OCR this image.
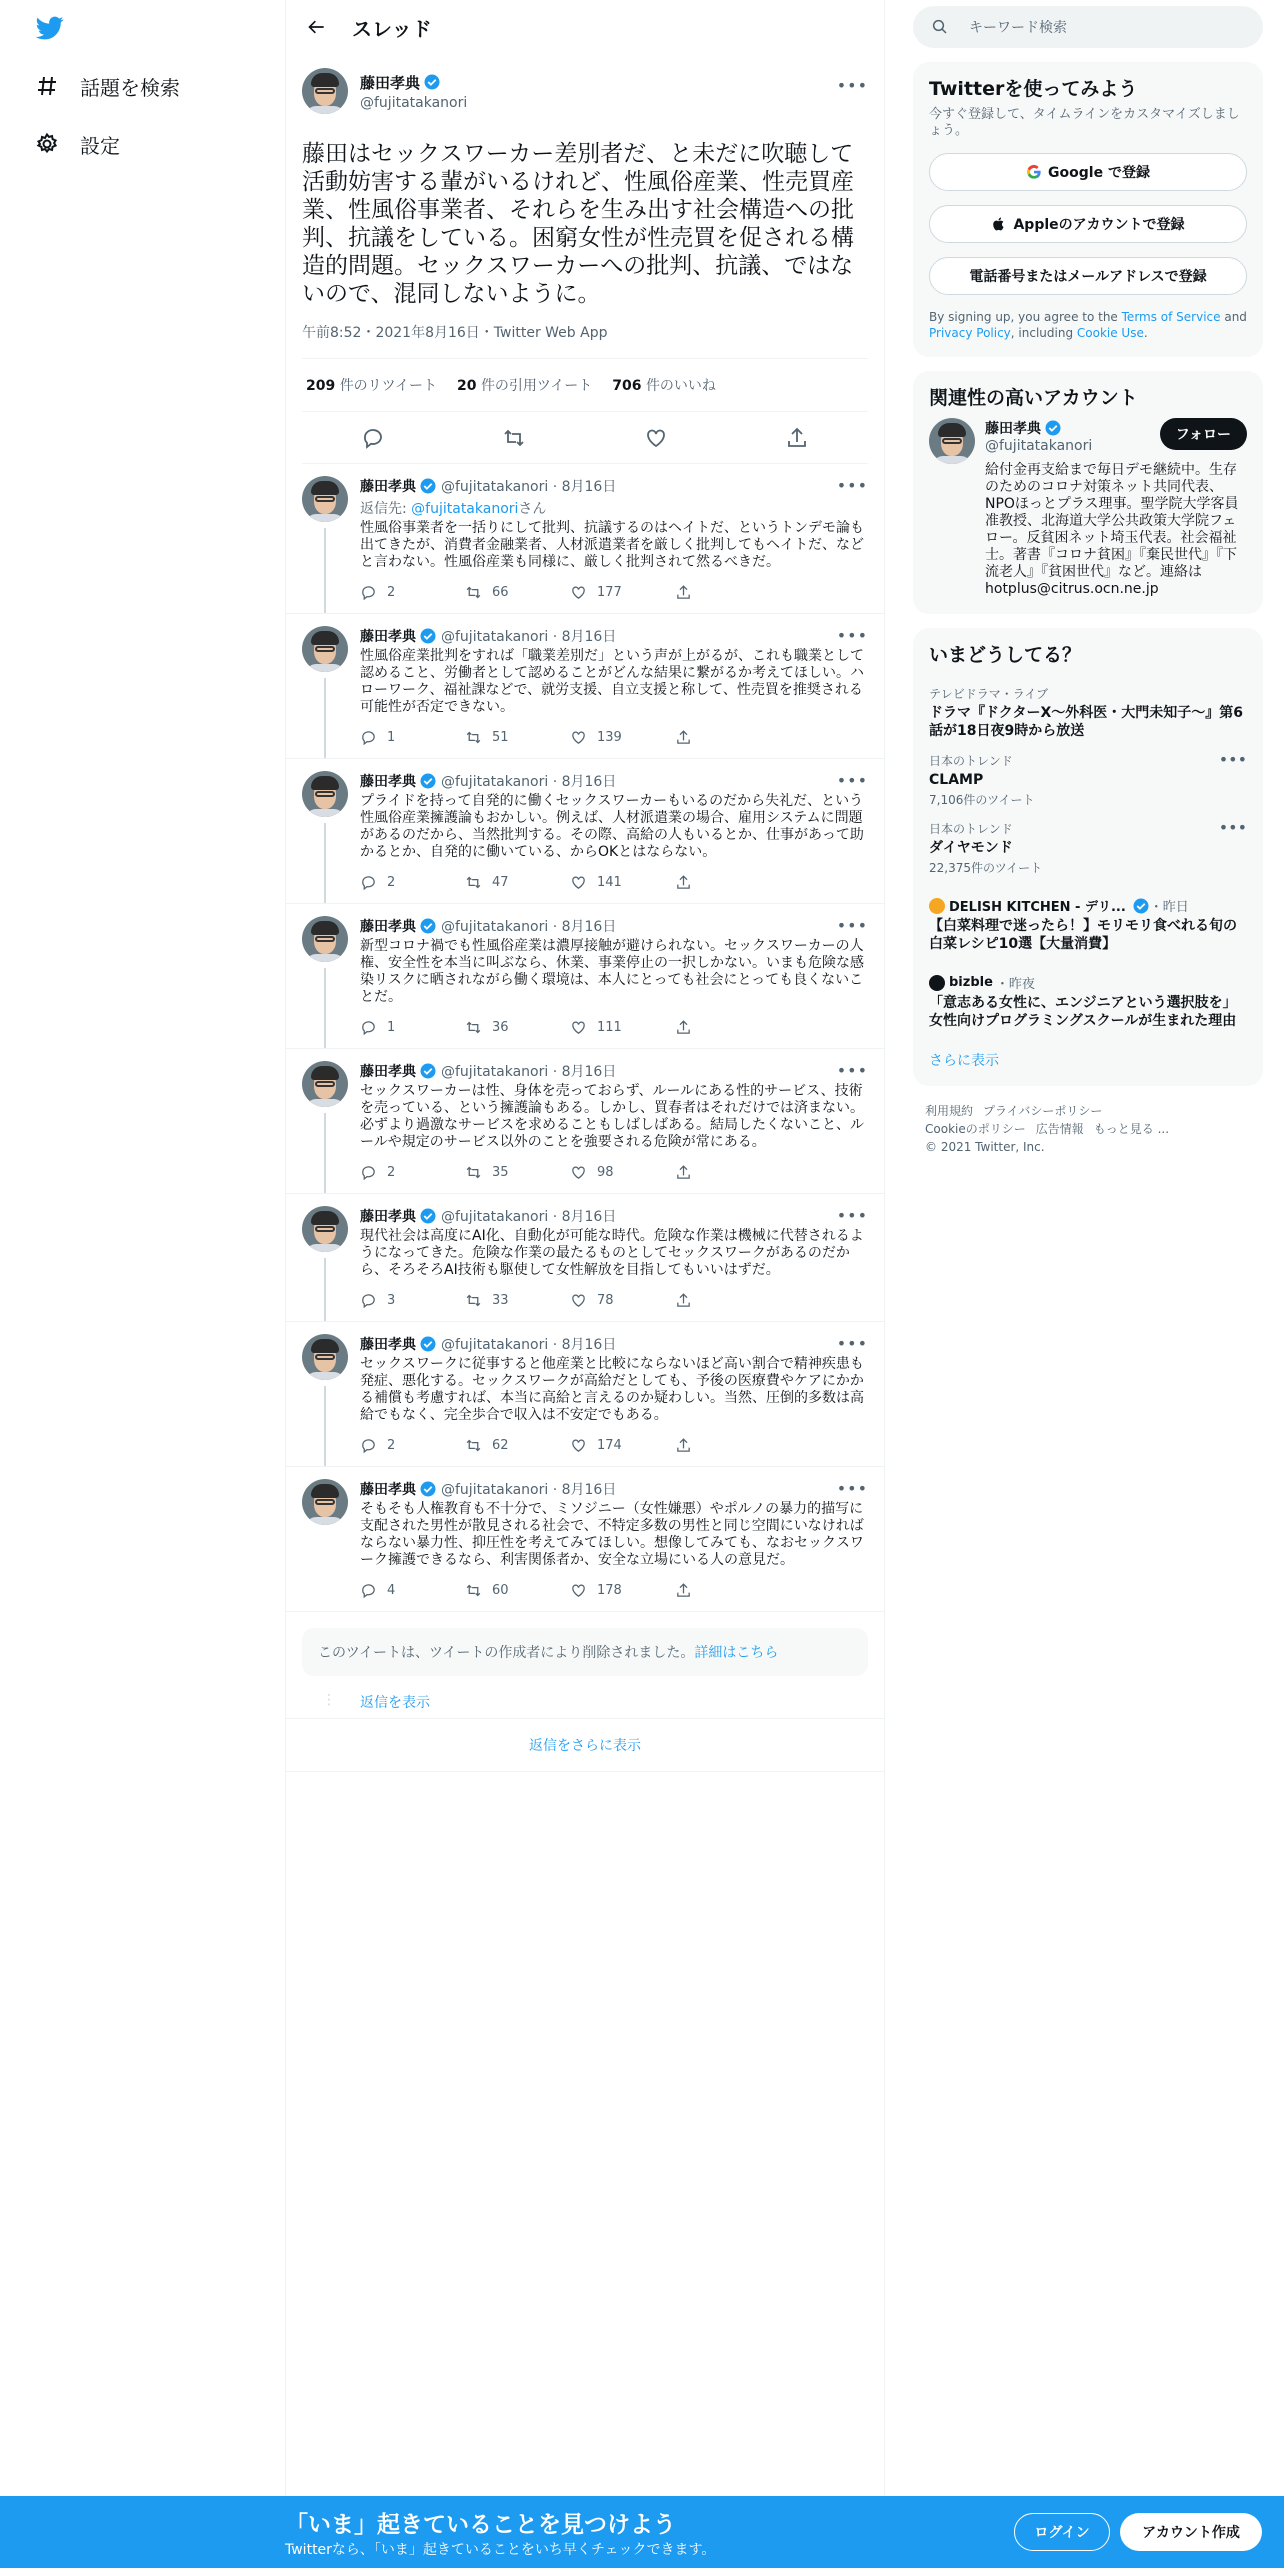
話題を検索
設定
スレッド
藤田孝典
@fujitatakanori
•••
藤田はセックスワーカー差別者だ、と未だに吹聴して活動妨害する輩がいるけれど、性風俗産業、性売買産業、性風俗事業者、それらを生み出す社会構造への批判、抗議をしている。困窮女性が性売買を促される構造的問題。セックスワーカーへの批判、抗議、ではないので、混同しないように。
午前8:52・2021年8月16日・Twitter Web App
209 件のリツイート 20 件の引用ツイート 706 件のいいね
藤田孝典 @fujitatakanori · 8月16日	•••
返信先: @fujitatakanoriさん
性風俗事業者を一括りにして批判、抗議するのはヘイトだ、というトンデモ論も出てきたが、消費者金融業者、人材派遣業者を厳しく批判してもヘイトだ、などと言わない。性風俗産業も同様に、厳しく批判されて然るべきだ。
2	66	177
藤田孝典 @fujitatakanori · 8月16日	•••
性風俗産業批判をすれば「職業差別だ」という声が上がるが、これも職業として認めること、労働者として認めることがどんな結果に繋がるか考えてほしい。ハローワーク、福祉課などで、就労支援、自立支援と称して、性売買を推奨される可能性が否定できない。
1	51	139
藤田孝典 @fujitatakanori · 8月16日	•••
プライドを持って自発的に働くセックスワーカーもいるのだから失礼だ、という性風俗産業擁護論もおかしい。例えば、人材派遣業の場合、雇用システムに問題があるのだから、当然批判する。その際、高給の人もいるとか、仕事があって助かるとか、自発的に働いている、からOKとはならない。
2	47	141
藤田孝典 @fujitatakanori · 8月16日	•••
新型コロナ禍でも性風俗産業は濃厚接触が避けられない。セックスワーカーの人権、安全性を本当に叫ぶなら、休業、事業停止の一択しかない。いまも危険な感染リスクに晒されながら働く環境は、本人にとっても社会にとっても良くないことだ。
1	36	111
藤田孝典 @fujitatakanori · 8月16日	•••
セックスワーカーは性、身体を売っておらず、ルールにある性的サービス、技術を売っている、という擁護論もある。しかし、買春者はそれだけでは済まない。必ずより過激なサービスを求めることもしばしばある。結局したくないこと、ルールや規定のサービス以外のことを強要される危険が常にある。
2	35	98
藤田孝典 @fujitatakanori · 8月16日	•••
現代社会は高度にAI化、自動化が可能な時代。危険な作業は機械に代替されるようになってきた。危険な作業の最たるものとしてセックスワークがあるのだから、そろそろAI技術も駆使して女性解放を目指してもいいはずだ。
3	33	78
藤田孝典 @fujitatakanori · 8月16日	•••
セックスワークに従事すると他産業と比較にならないほど高い割合で精神疾患も発症、悪化する。セックスワークが高給だとしても、予後の医療費やケアにかかる補償も考慮すれば、本当に高給と言えるのか疑わしい。当然、圧倒的多数は高給でもなく、完全歩合で収入は不安定でもある。
2	62	174
藤田孝典 @fujitatakanori · 8月16日	•••
そもそも人権教育も不十分で、ミソジニー（女性嫌悪）やポルノの暴力的描写に支配された男性が散見される社会で、不特定多数の男性と同じ空間にいなければならない暴力性、抑圧性を考えてみてほしい。想像してみても、なおセックスワーク擁護できるなら、利害関係者か、安全な立場にいる人の意見だ。
4	60	178
このツイートは、ツイートの作成者により削除されました。詳細はこちら
⋮ 返信を表示
返信をさらに表示
キーワード検索
Twitterを使ってみよう
今すぐ登録して、タイムラインをカスタマイズしましょう。
Google で登録
Appleのアカウントで登録
電話番号またはメールアドレスで登録
By signing up, you agree to the Terms of Service and Privacy Policy, including Cookie Use.
関連性の高いアカウント
藤田孝典
@fujitatakanori
給付金再支給まで毎日デモ継続中。生存のためのコロナ対策ネット共同代表、NPOほっとプラス理事。聖学院大学客員准教授、北海道大学公共政策大学院フェロー。反貧困ネット埼玉代表。社会福祉士。著書『コロナ貧困』『棄民世代』『下流老人』『貧困世代』など。連絡はhotplus@citrus.ocn.ne.jp
フォロー
いまどうしてる？
テレビドラマ・ライブ
ドラマ『ドクターX～外科医・大門未知子～』第6話が18日夜9時から放送
•••
日本のトレンド
CLAMP
7,106件のツイート
•••
日本のトレンド
ダイヤモンド
22,375件のツイート
DELISH KITCHEN - デリ... ・昨日
【白菜料理で迷ったら！】モリモリ食べれる旬の白菜レシピ10選【大量消費】
bizble ・昨夜
「意志ある女性に、エンジニアという選択肢を」　女性向けプログラミングスクールが生まれた理由
さらに表示
利用規約 プライバシーポリシー
Cookieのポリシー 広告情報 もっと見る ...
© 2021 Twitter, Inc.
「いま」起きていることを見つけよう
Twitterなら、「いま」起きていることをいち早くチェックできます。
ログイン	アカウント作成
